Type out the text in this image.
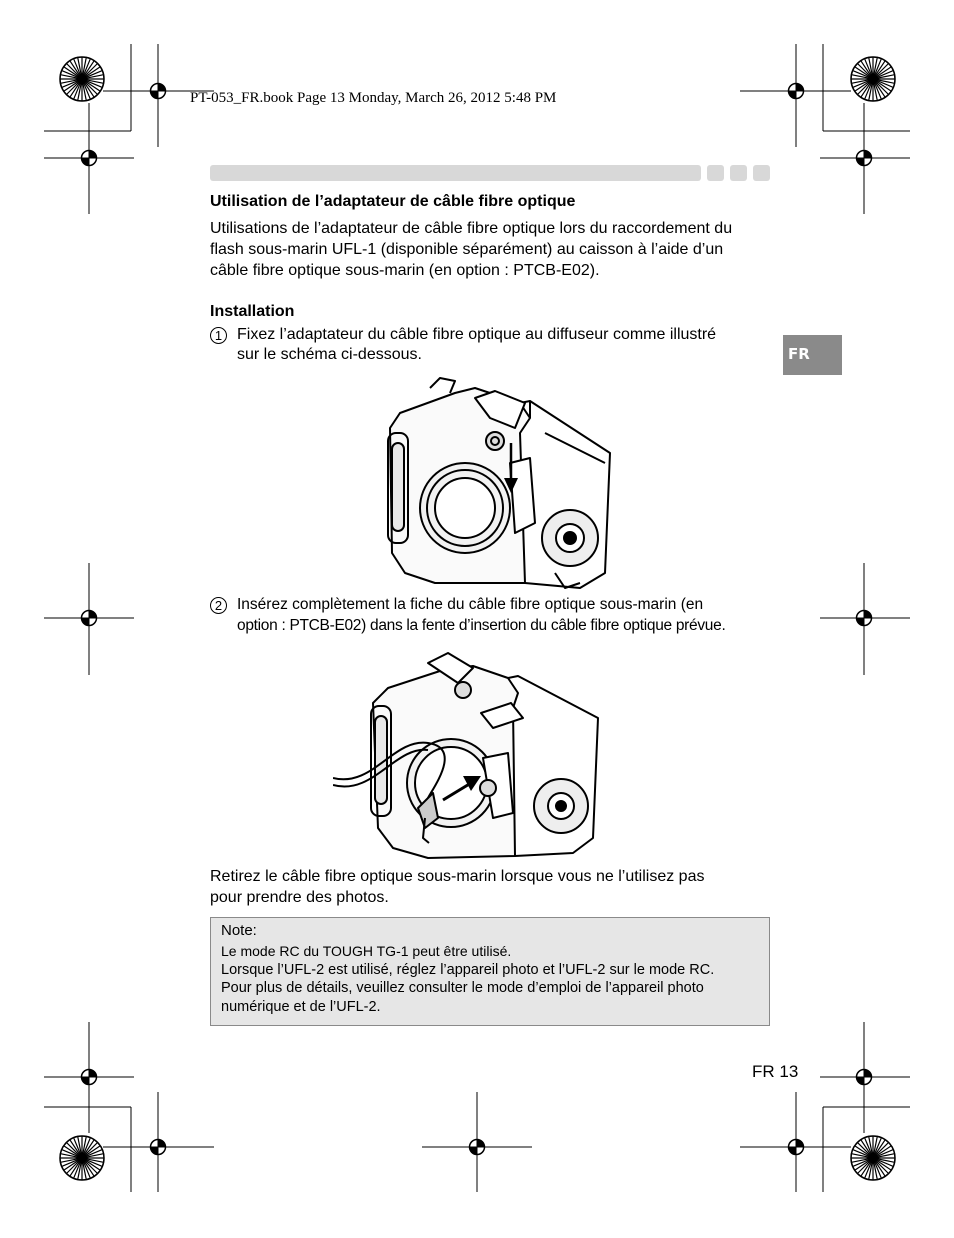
PT-053_FR.book Page 13 Monday, March 26, 2012 5:48 PM
FR
Utilisation de l’adaptateur de câble fibre optique
Utilisations de l’adaptateur de câble fibre optique lors du raccordement du
flash sous-marin UFL-1 (disponible séparément) au caisson à l’aide d’un
câble fibre optique sous-marin (en option : PTCB-E02).
Installation
1 Fixez l’adaptateur du câble fibre optique au diffuseur comme illustré
sur le schéma ci-dessous.
2 Insérez complètement la fiche du câble fibre optique sous-marin (en
option : PTCB-E02) dans la fente d’insertion du câble fibre optique prévue.
Retirez le câble fibre optique sous-marin lorsque vous ne l’utilisez pas
pour prendre des photos.
Note:
Le mode RC du TOUGH TG-1 peut être utilisé.
Lorsque l’UFL-2 est utilisé, réglez l’appareil photo et l’UFL-2 sur le mode RC.
Pour plus de détails, veuillez consulter le mode d’emploi de l’appareil photo
numérique et de l’UFL-2.
FR 13
